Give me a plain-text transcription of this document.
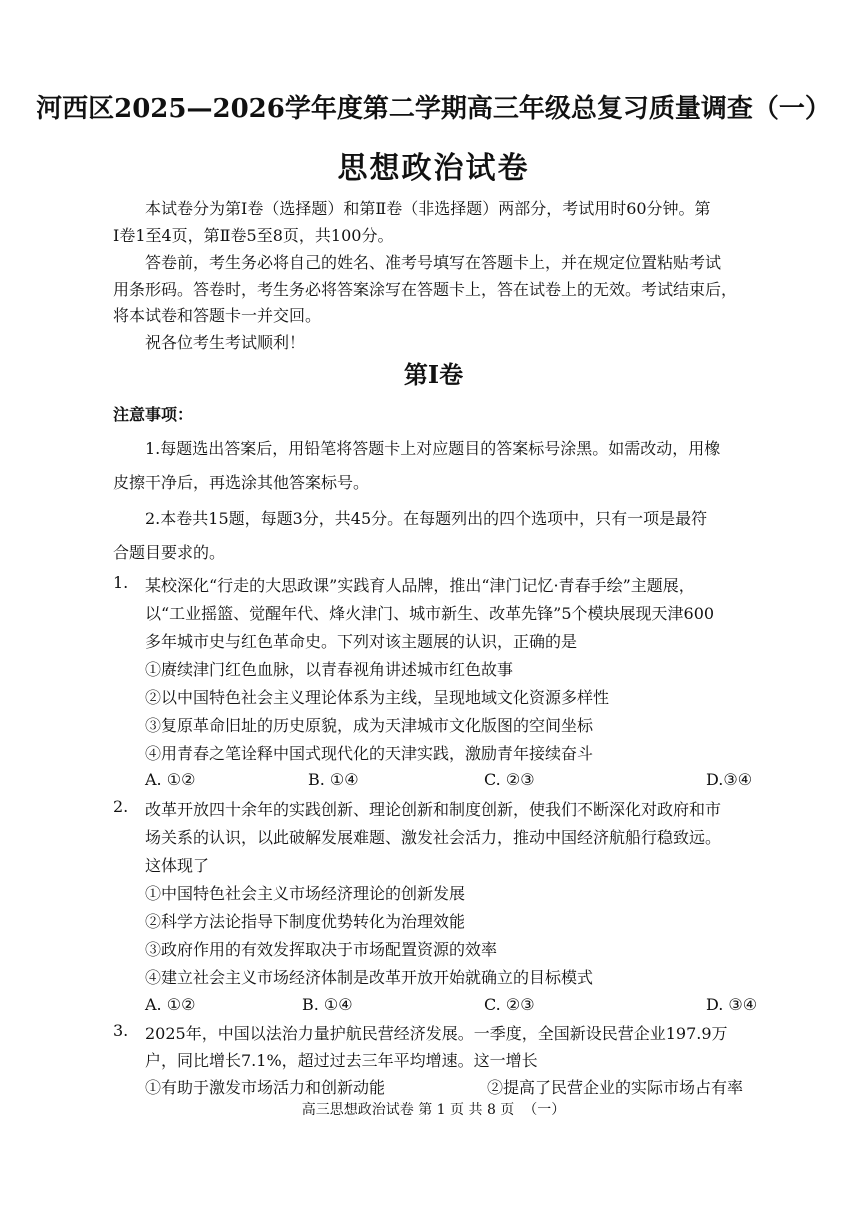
河西区2025—2026学年度第二学期高三年级总复习质量调查（一）
思想政治试卷
本试卷分为第Ⅰ卷（选择题）和第Ⅱ卷（非选择题）两部分，考试用时60分钟。第
Ⅰ卷1至4页，第Ⅱ卷5至8页，共100分。
答卷前，考生务必将自己的姓名、准考号填写在答题卡上，并在规定位置粘贴考试
用条形码。答卷时，考生务必将答案涂写在答题卡上，答在试卷上的无效。考试结束后，
将本试卷和答题卡一并交回。
祝各位考生考试顺利！
第Ⅰ卷
注意事项：
1.每题选出答案后，用铅笔将答题卡上对应题目的答案标号涂黑。如需改动，用橡
皮擦干净后，再选涂其他答案标号。
2.本卷共15题，每题3分，共45分。在每题列出的四个选项中，只有一项是最符
合题目要求的。
1. 某校深化“行走的大思政课”实践育人品牌，推出“津门记忆·青春手绘”主题展，
以“工业摇篮、觉醒年代、烽火津门、城市新生、改革先锋”5个模块展现天津600
多年城市史与红色革命史。下列对该主题展的认识，正确的是
①赓续津门红色血脉，以青春视角讲述城市红色故事
②以中国特色社会主义理论体系为主线，呈现地域文化资源多样性
③复原革命旧址的历史原貌，成为天津城市文化版图的空间坐标
④用青春之笔诠释中国式现代化的天津实践，激励青年接续奋斗
A. ①②	B. ①④	C. ②③	D.③④
2. 改革开放四十余年的实践创新、理论创新和制度创新，使我们不断深化对政府和市
场关系的认识，以此破解发展难题、激发社会活力，推动中国经济航船行稳致远。
这体现了
①中国特色社会主义市场经济理论的创新发展
②科学方法论指导下制度优势转化为治理效能
③政府作用的有效发挥取决于市场配置资源的效率
④建立社会主义市场经济体制是改革开放开始就确立的目标模式
A. ①②	B. ①④	C. ②③	D. ③④
3. 2025年，中国以法治力量护航民营经济发展。一季度，全国新设民营企业197.9万
户，同比增长7.1%，超过过去三年平均增速。这一增长
①有助于激发市场活力和创新动能	②提高了民营企业的实际市场占有率
高三思想政治试卷 第 1 页 共 8 页  （一）
